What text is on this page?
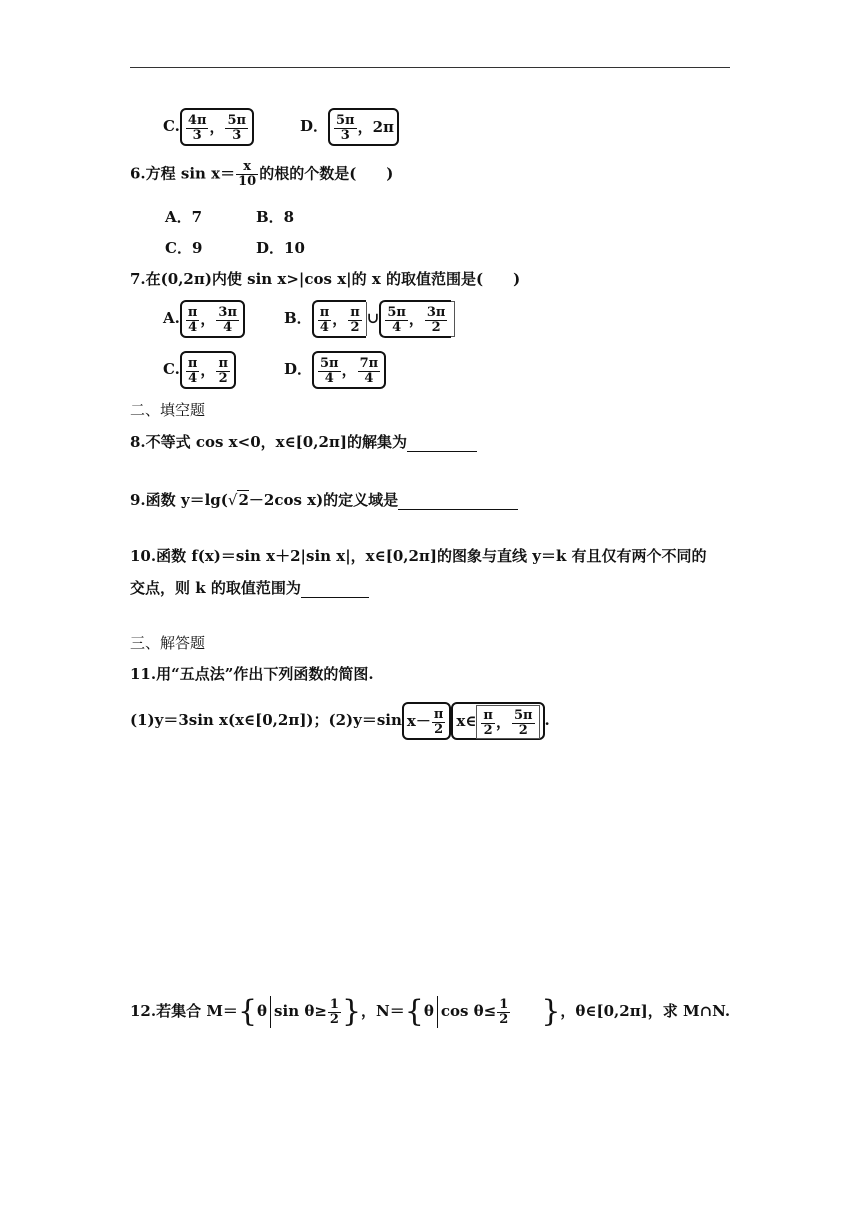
C. $\frac{4\pi}{3}$ ， $\frac{5\pi}{3}$	D． $\frac{5\pi}{3}$ ，2π
6.方程 $\sin x= \frac{x}{10}$ 的根的个数是(　　)
A．7	B．8
C．9	D．10
7.在(0,2π)内使 sin x>|cos x|的 x 的取值范围是(　　)
A. $\frac{\pi}{4}$ ， $\frac{3\pi}{4}$	B． $\frac{\pi}{4}$ ， $\frac{\pi}{2}$ ∪ $\frac{5\pi}{4}$ ， $\frac{3\pi}{2}$
C. $\frac{\pi}{4}$ ， $\frac{\pi}{2}$	D． $\frac{5\pi}{4}$ ， $\frac{7\pi}{4}$
二、填空题
8.不等式 cos x<0，x∈[0,2π]的解集为
9.函数 y＝lg(√2－2cos x)的定义域是
10.函数 f(x)＝sin x＋2|sin x|，x∈[0,2π]的图象与直线 y＝k 有且仅有两个不同的
交点，则 k 的取值范围为
三、解答题
11.用“五点法”作出下列函数的简图.
(1)y＝3sin x(x∈[0,2π])；(2)y＝sin $x- \frac{\pi}{2}$ x∈ $\frac{\pi}{2}$ ， $\frac{5\pi}{2}$ .
12.若集合 M＝{θ $\sin \theta\ge \frac{1}{2}$ }，N＝{θ $\cos \theta\le \frac{1}{2}$ }，θ∈[0,2π]，求 M∩N.
